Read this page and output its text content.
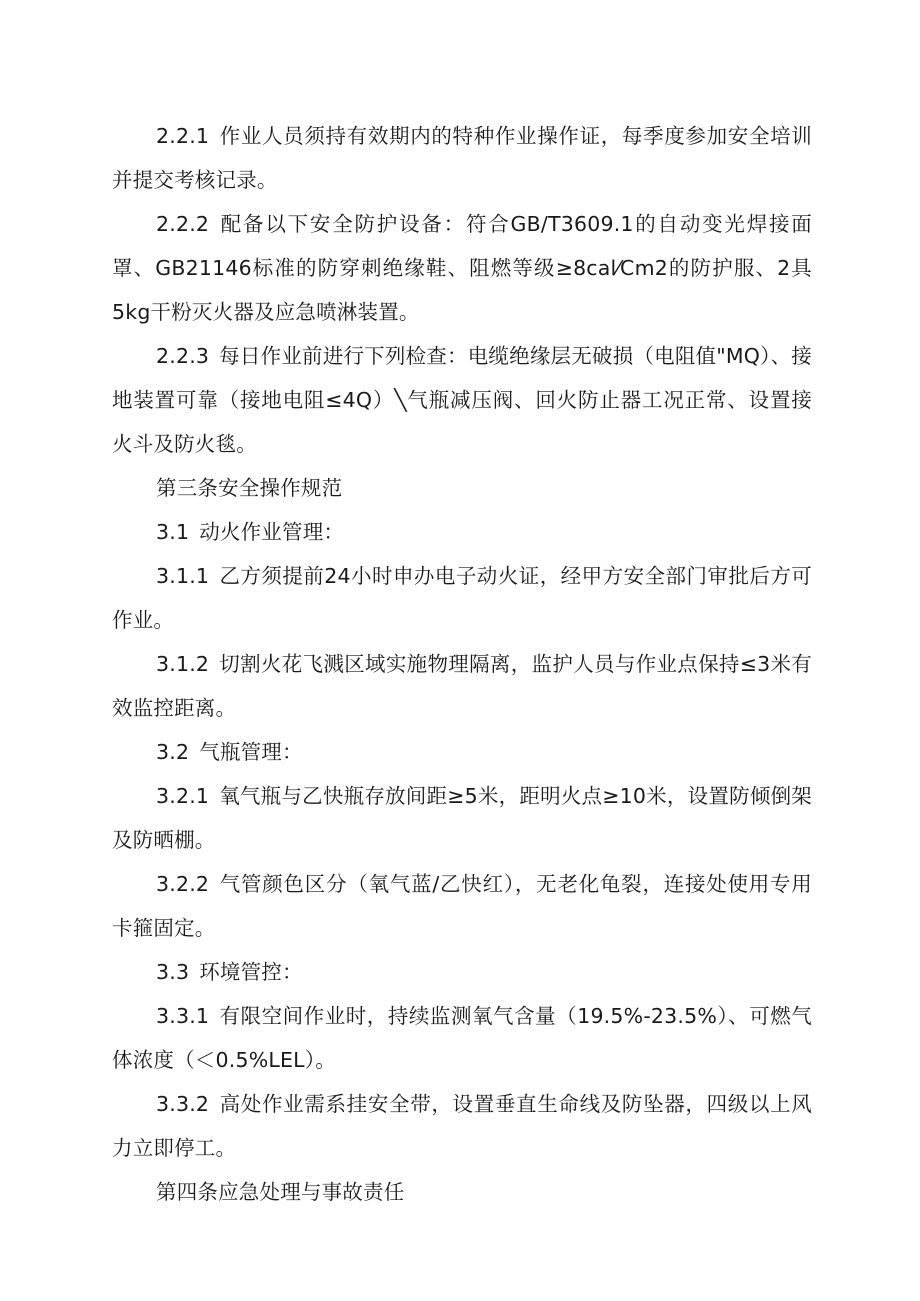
2.2.1 作业人员须持有效期内的特种作业操作证，每季度参加安全培训并提交考核记录。

2.2.2 配备以下安全防护设备：符合GB/T3609.1的自动变光焊接面罩、GB21146标准的防穿刺绝缘鞋、阻燃等级≥8cal⁄Cm2的防护服、2具5kg干粉灭火器及应急喷淋装置。

2.2.3 每日作业前进行下列检查：电缆绝缘层无破损（电阻值"MQ）、接地装置可靠（接地电阻≤4Q）╲气瓶减压阀、回火防止器工况正常、设置接火斗及防火毯。

第三条安全操作规范

3.1 动火作业管理：

3.1.1 乙方须提前24小时申办电子动火证，经甲方安全部门审批后方可作业。

3.1.2 切割火花飞溅区域实施物理隔离，监护人员与作业点保持≤3米有效监控距离。

3.2 气瓶管理：

3.2.1 氧气瓶与乙快瓶存放间距≥5米，距明火点≥10米，设置防倾倒架及防晒棚。

3.2.2 气管颜色区分（氧气蓝/乙快红），无老化龟裂，连接处使用专用卡箍固定。

3.3 环境管控：

3.3.1 有限空间作业时，持续监测氧气含量（19.5%-23.5%）、可燃气体浓度（＜0.5%LEL）。

3.3.2 高处作业需系挂安全带，设置垂直生命线及防坠器，四级以上风力立即停工。

第四条应急处理与事故责任
